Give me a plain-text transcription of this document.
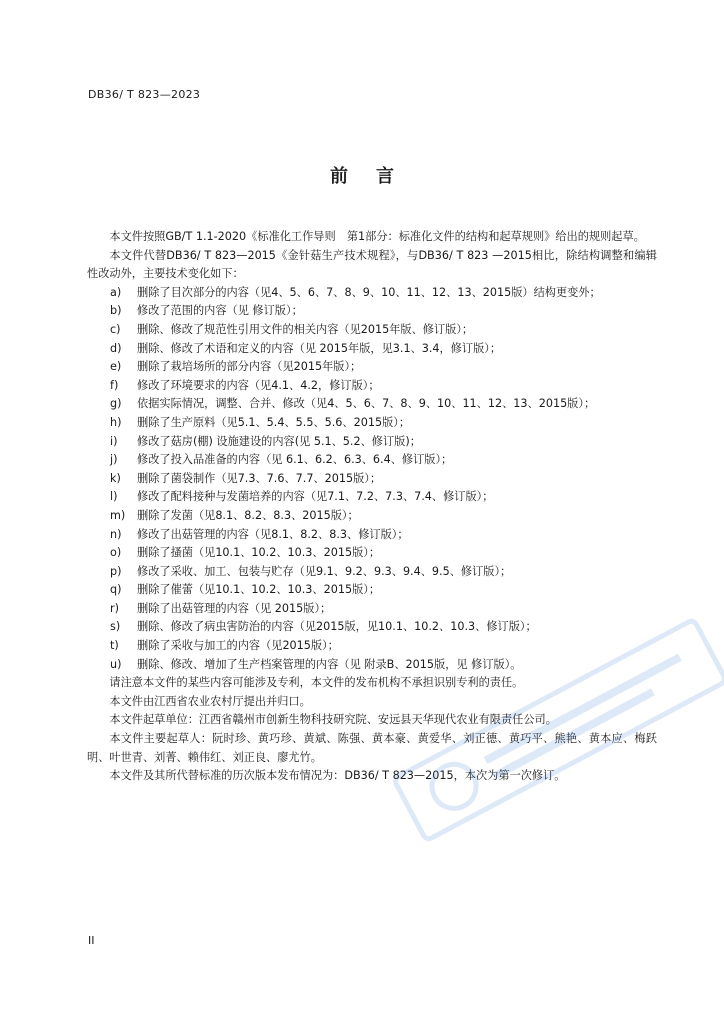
DB36/ T 823—2023
前言

本文件按照GB/T 1.1-2020《标准化工作导则　第1部分：标准化文件的结构和起草规则》给出的规则起草。

本文件代替DB36/ T 823—2015《金针菇生产技术规程》，与DB36/ T 823 —2015相比，除结构调整和编辑性改动外，主要技术变化如下：

a)	删除了目次部分的内容（见4、5、6、7、8、9、10、11、12、13、2015版）结构更变外；
b)	修改了范围的内容（见 修订版）；
c)	删除、修改了规范性引用文件的相关内容（见2015年版、修订版）；
d)	删除、修改了术语和定义的内容（见 2015年版，见3.1、3.4，修订版）；
e)	删除了栽培场所的部分内容（见2015年版）；
f)	修改了环境要求的内容（见4.1、4.2，修订版）；
g)	依据实际情况，调整、合并、修改（见4、5、6、7、8、9、10、11、12、13、2015版）；
h)	删除了生产原料（见5.1、5.4、5.5、5.6、2015版）；
i)	修改了菇房(棚) 设施建设的内容(见 5.1、5.2、修订版)；
j)	修改了投入品准备的内容（见 6.1、6.2、6.3、6.4、修订版）；
k)	删除了菌袋制作（见7.3、7.6、7.7、2015版）；
l)	修改了配料接种与发菌培养的内容（见7.1、7.2、7.3、7.4、修订版）；
m)	删除了发菌（见8.1、8.2、8.3、2015版）；
n)	修改了出菇管理的内容（见8.1、8.2、8.3、修订版）；
o)	删除了搔菌（见10.1、10.2、10.3、2015版）；
p)	修改了采收、加工、包装与贮存（见9.1、9.2、9.3、9.4、9.5、修订版）；
q)	删除了催蕾（见10.1、10.2、10.3、2015版）；
r)	删除了出菇管理的内容（见 2015版）；
s)	删除、修改了病虫害防治的内容（见2015版，见10.1、10.2、10.3、修订版）；
t)	删除了采收与加工的内容（见2015版）；
u)	删除、修改、增加了生产档案管理的内容（见 附录B、2015版，见 修订版）。

请注意本文件的某些内容可能涉及专利，本文件的发布机构不承担识别专利的责任。

本文件由江西省农业农村厅提出并归口。

本文件起草单位：江西省赣州市创新生物科技研究院、安远县天华现代农业有限责任公司。

本文件主要起草人：阮时珍、黄巧珍、黄斌、陈强、黄本豪、黄爱华、刘正德、黄巧平、熊艳、黄本应、梅跃明、叶世青、刘菁、赖伟红、刘正良、廖尤竹。

本文件及其所代替标准的历次版本发布情况为：DB36/ T 823—2015，本次为第一次修订。

II
